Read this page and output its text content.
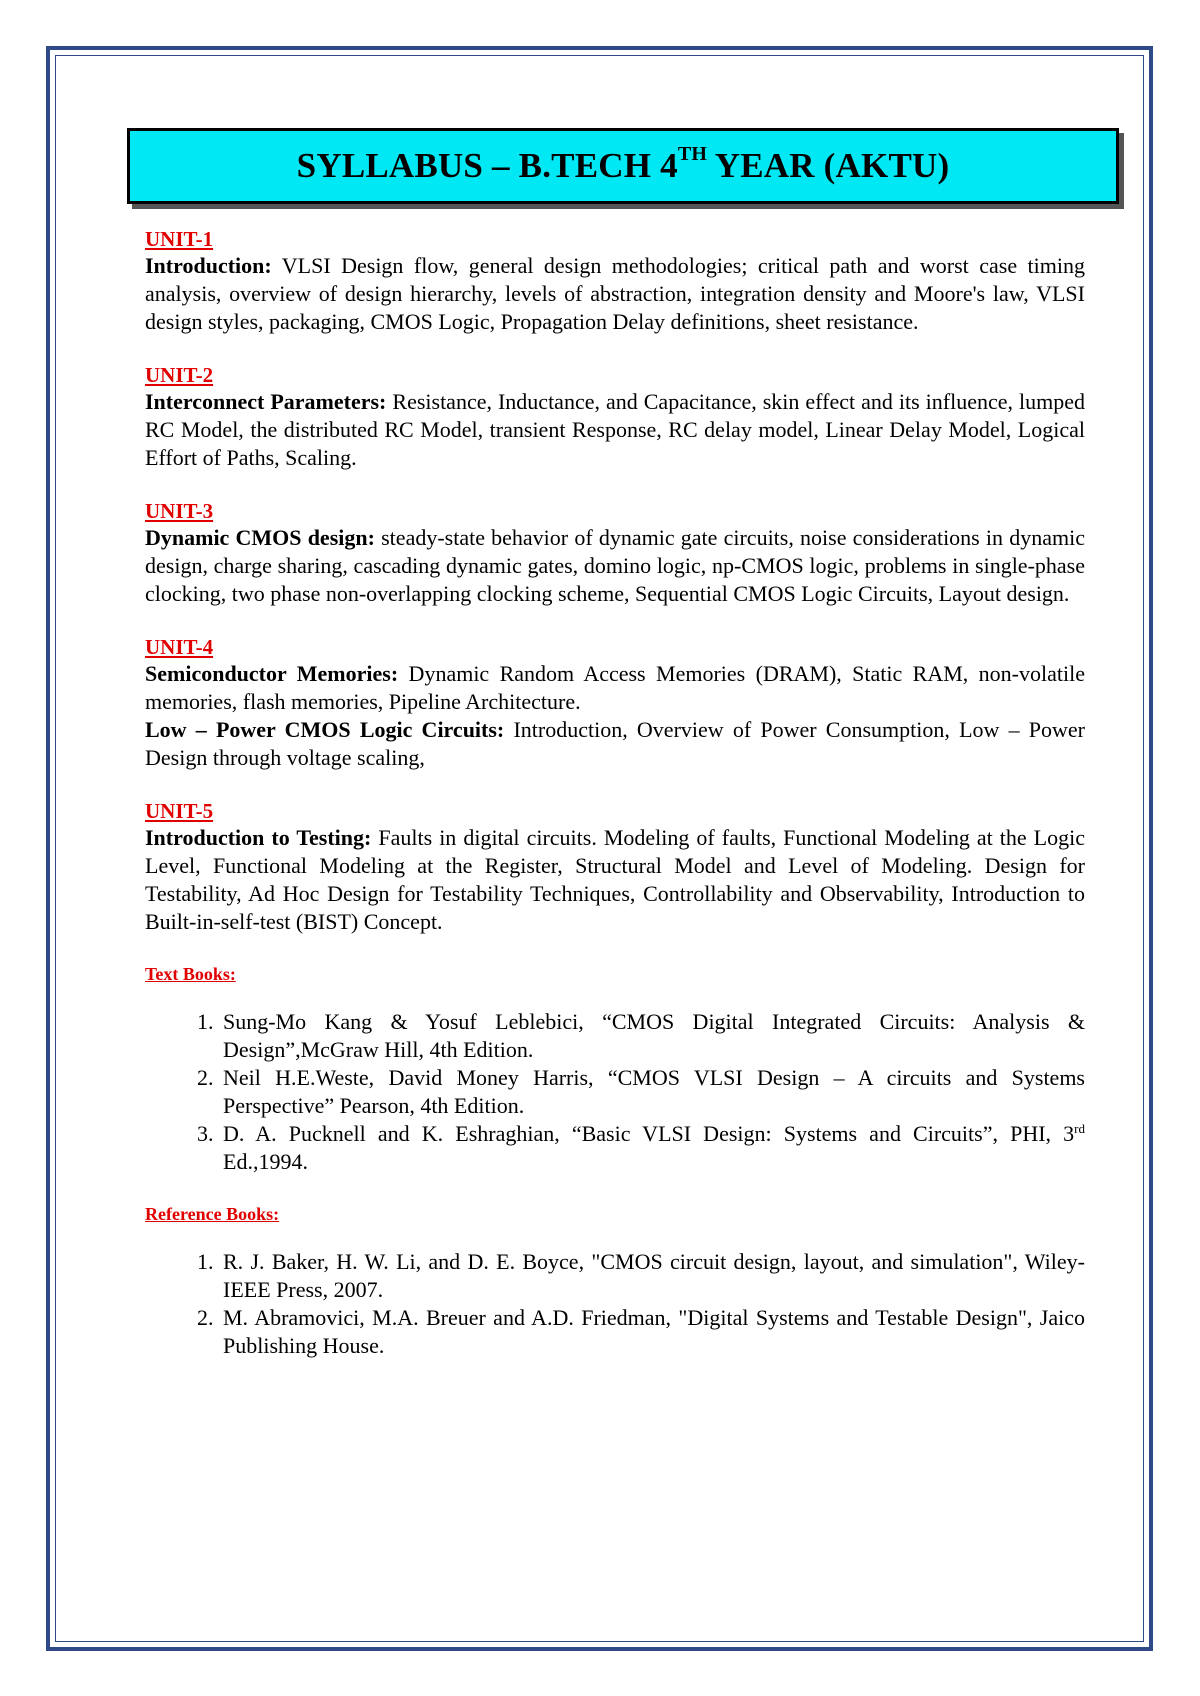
SYLLABUS – B.TECH 4TH YEAR (AKTU)
UNIT-1
Introduction: VLSI Design flow, general design methodologies; critical path and worst case timing analysis, overview of design hierarchy, levels of abstraction, integration density and Moore's law, VLSI design styles, packaging, CMOS Logic, Propagation Delay definitions, sheet resistance.
UNIT-2
Interconnect Parameters: Resistance, Inductance, and Capacitance, skin effect and its influence, lumped RC Model, the distributed RC Model, transient Response, RC delay model, Linear Delay Model, Logical Effort of Paths, Scaling.
UNIT-3
Dynamic CMOS design: steady-state behavior of dynamic gate circuits, noise considerations in dynamic design, charge sharing, cascading dynamic gates, domino logic, np-CMOS logic, problems in single-phase clocking, two phase non-overlapping clocking scheme, Sequential CMOS Logic Circuits, Layout design.
UNIT-4
Semiconductor Memories: Dynamic Random Access Memories (DRAM), Static RAM, non-volatile memories, flash memories, Pipeline Architecture.
Low – Power CMOS Logic Circuits: Introduction, Overview of Power Consumption, Low – Power Design through voltage scaling,
UNIT-5
Introduction to Testing: Faults in digital circuits. Modeling of faults, Functional Modeling at the Logic Level, Functional Modeling at the Register, Structural Model and Level of Modeling. Design for Testability, Ad Hoc Design for Testability Techniques, Controllability and Observability, Introduction to Built-in-self-test (BIST) Concept.
Text Books:
1. Sung-Mo Kang & Yosuf Leblebici, “CMOS Digital Integrated Circuits: Analysis & Design”,McGraw Hill, 4th Edition.
2. Neil H.E.Weste, David Money Harris, “CMOS VLSI Design – A circuits and Systems Perspective” Pearson, 4th Edition.
3. D. A. Pucknell and K. Eshraghian, “Basic VLSI Design: Systems and Circuits”, PHI, 3rd Ed.,1994.
Reference Books:
1. R. J. Baker, H. W. Li, and D. E. Boyce, "CMOS circuit design, layout, and simulation", Wiley-IEEE Press, 2007.
2. M. Abramovici, M.A. Breuer and A.D. Friedman, "Digital Systems and Testable Design", Jaico Publishing House.
